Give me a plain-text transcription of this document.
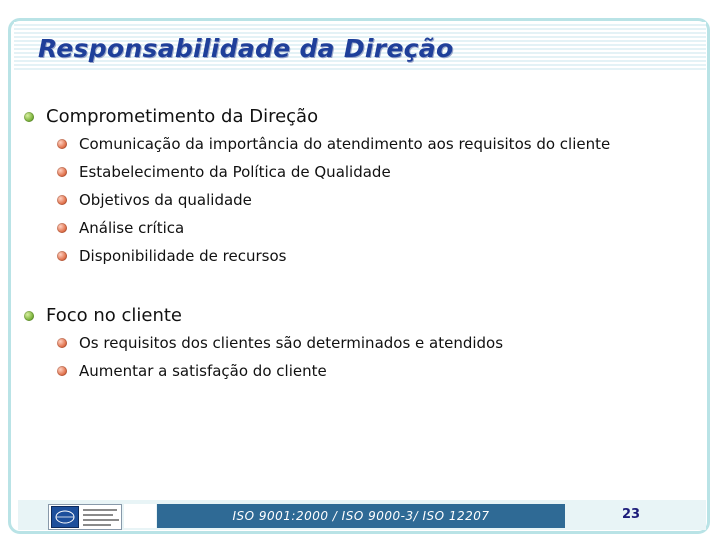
Responsabilidade da Direção
Comprometimento da Direção
Comunicação da importância do atendimento aos requisitos do cliente
Estabelecimento da Política de Qualidade
Objetivos da qualidade
Análise crítica
Disponibilidade de recursos
Foco no cliente
Os requisitos dos clientes são determinados e atendidos
Aumentar a satisfação do cliente
ISO 9001:2000 / ISO 9000-3/ ISO 12207	23
